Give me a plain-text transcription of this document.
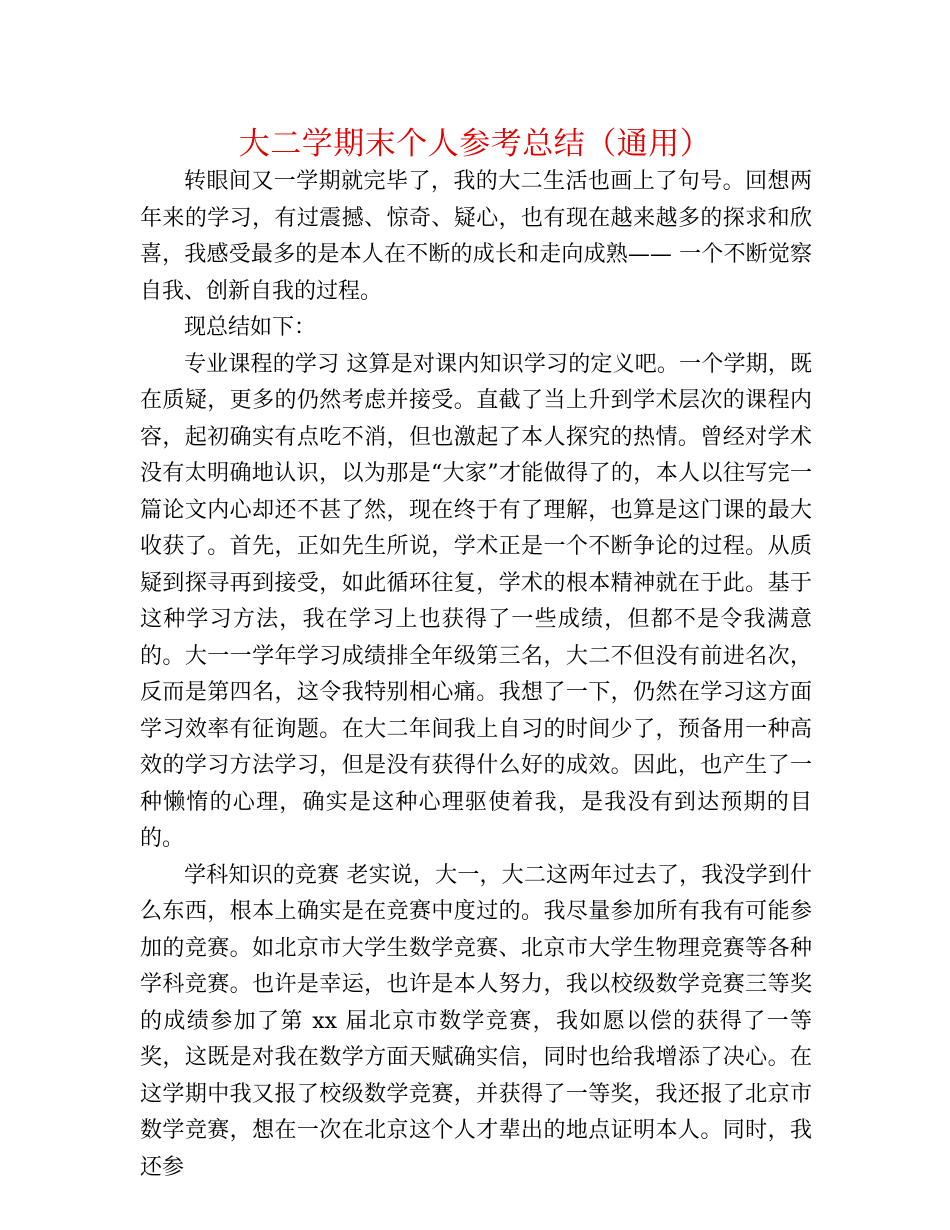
大二学期末个人参考总结（通用）

转眼间又一学期就完毕了，我的大二生活也画上了句号。回想两年来的学习，有过震撼、惊奇、疑心，也有现在越来越多的探求和欣喜，我感受最多的是本人在不断的成长和走向成熟—— 一个不断觉察自我、创新自我的过程。

现总结如下：

专业课程的学习 这算是对课内知识学习的定义吧。一个学期，既在质疑，更多的仍然考虑并接受。直截了当上升到学术层次的课程内容，起初确实有点吃不消，但也激起了本人探究的热情。曾经对学术没有太明确地认识，以为那是“大家”才能做得了的，本人以往写完一篇论文内心却还不甚了然，现在终于有了理解，也算是这门课的最大收获了。首先，正如先生所说，学术正是一个不断争论的过程。从质疑到探寻再到接受，如此循环往复，学术的根本精神就在于此。基于这种学习方法，我在学习上也获得了一些成绩，但都不是令我满意的。大一一学年学习成绩排全年级第三名，大二不但没有前进名次，反而是第四名，这令我特别相心痛。我想了一下，仍然在学习这方面学习效率有征询题。在大二年间我上自习的时间少了，预备用一种高效的学习方法学习，但是没有获得什么好的成效。因此，也产生了一种懒惰的心理，确实是这种心理驱使着我，是我没有到达预期的目的。

学科知识的竞赛 老实说，大一，大二这两年过去了，我没学到什么东西，根本上确实是在竞赛中度过的。我尽量参加所有我有可能参加的竞赛。如北京市大学生数学竞赛、北京市大学生物理竞赛等各种学科竞赛。也许是幸运，也许是本人努力，我以校级数学竞赛三等奖的成绩参加了第 xx 届北京市数学竞赛，我如愿以偿的获得了一等奖，这既是对我在数学方面天赋确实信，同时也给我增添了决心。在这学期中我又报了校级数学竞赛，并获得了一等奖，我还报了北京市数学竞赛，想在一次在北京这个人才辈出的地点证明本人。同时，我还参
